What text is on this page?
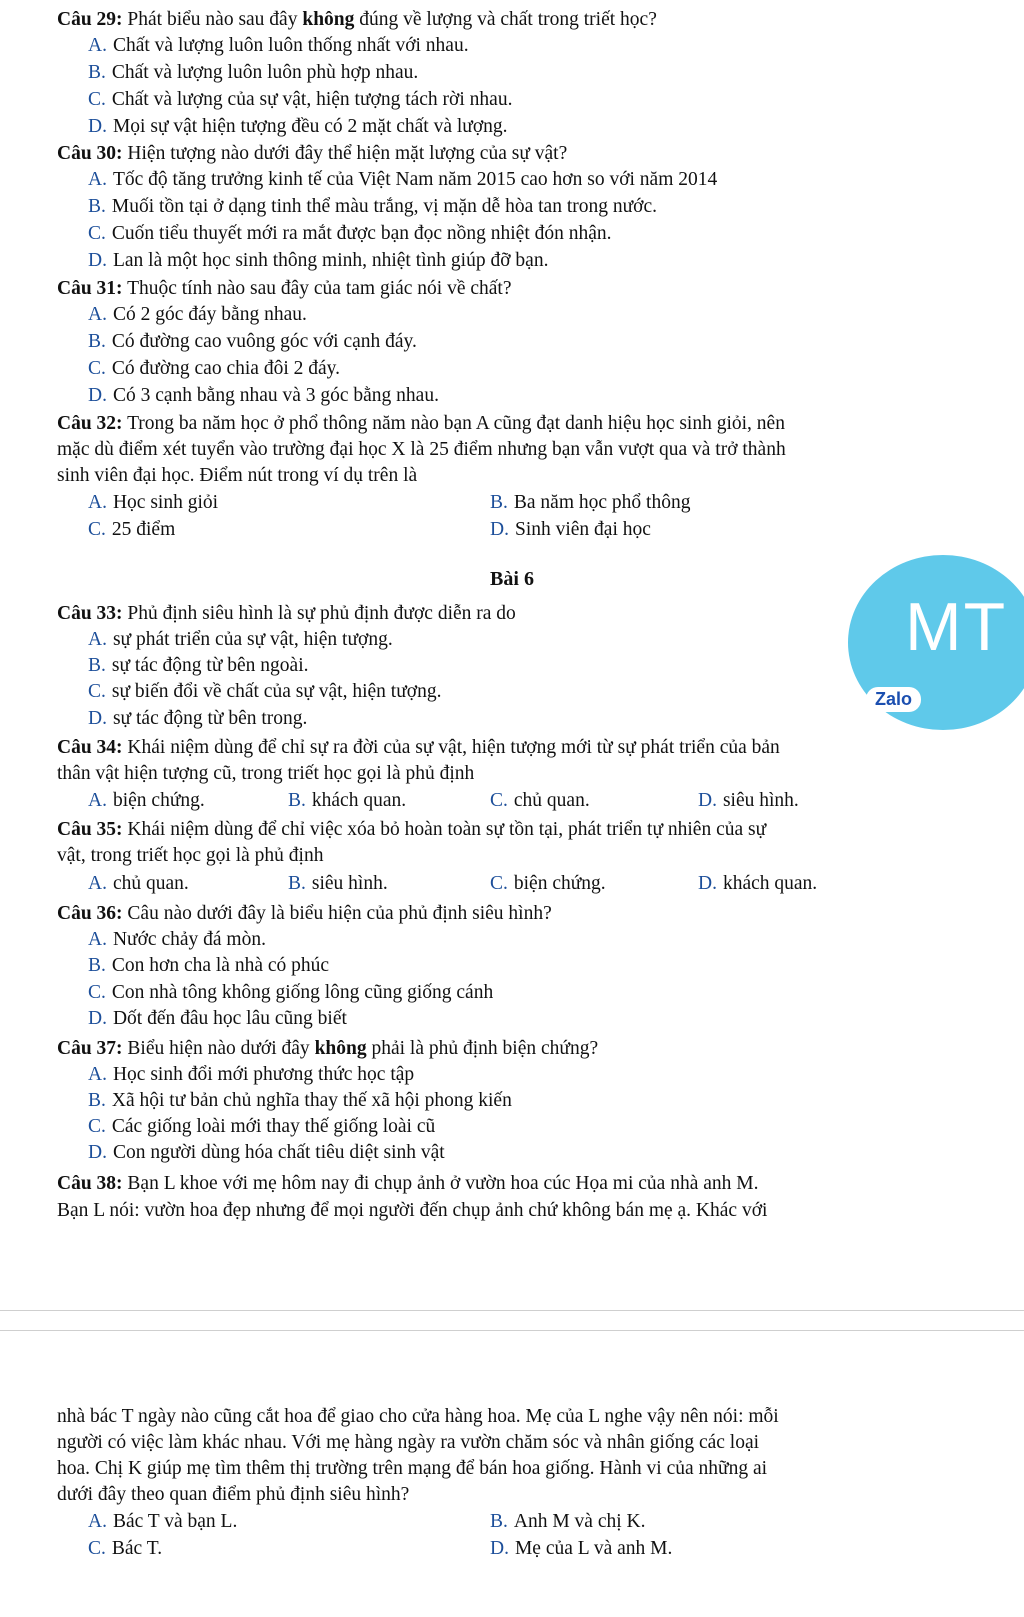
Câu 29: Phát biểu nào sau đây không đúng về lượng và chất trong triết học?
A. Chất và lượng luôn luôn thống nhất với nhau.
B. Chất và lượng luôn luôn phù hợp nhau.
C. Chất và lượng của sự vật, hiện tượng tách rời nhau.
D. Mọi sự vật hiện tượng đều có 2 mặt chất và lượng.
Câu 30: Hiện tượng nào dưới đây thể hiện mặt lượng của sự vật?
A. Tốc độ tăng trưởng kinh tế của Việt Nam năm 2015 cao hơn so với năm 2014
B. Muối tồn tại ở dạng tinh thể màu trắng, vị mặn dễ hòa tan trong nước.
C. Cuốn tiểu thuyết mới ra mắt được bạn đọc nồng nhiệt đón nhận.
D. Lan là một học sinh thông minh, nhiệt tình giúp đỡ bạn.
Câu 31: Thuộc tính nào sau đây của tam giác nói về chất?
A. Có 2 góc đáy bằng nhau.
B. Có đường cao vuông góc với cạnh đáy.
C. Có đường cao chia đôi 2 đáy.
D. Có 3 cạnh bằng nhau và 3 góc bằng nhau.
Câu 32: Trong ba năm học ở phổ thông năm nào bạn A cũng đạt danh hiệu học sinh giỏi, nên
mặc dù điểm xét tuyển vào trường đại học X là 25 điểm nhưng bạn vẫn vượt qua và trở thành
sinh viên đại học. Điểm nút trong ví dụ trên là
A. Học sinh giỏi	B. Ba năm học phổ thông
C. 25 điểm	D. Sinh viên đại học
Bài 6
MT
Zalo
Câu 33: Phủ định siêu hình là sự phủ định được diễn ra do
A. sự phát triển của sự vật, hiện tượng.
B. sự tác động từ bên ngoài.
C. sự biến đổi về chất của sự vật, hiện tượng.
D. sự tác động từ bên trong.
Câu 34: Khái niệm dùng để chỉ sự ra đời của sự vật, hiện tượng mới từ sự phát triển của bản
thân vật hiện tượng cũ, trong triết học gọi là phủ định
A. biện chứng.	B. khách quan.	C. chủ quan.	D. siêu hình.
Câu 35: Khái niệm dùng để chỉ việc xóa bỏ hoàn toàn sự tồn tại, phát triển tự nhiên của sự
vật, trong triết học gọi là phủ định
A. chủ quan.	B. siêu hình.	C. biện chứng.	D. khách quan.
Câu 36: Câu nào dưới đây là biểu hiện của phủ định siêu hình?
A. Nước chảy đá mòn.
B. Con hơn cha là nhà có phúc
C. Con nhà tông không giống lông cũng giống cánh
D. Dốt đến đâu học lâu cũng biết
Câu 37: Biểu hiện nào dưới đây không phải là phủ định biện chứng?
A. Học sinh đổi mới phương thức học tập
B. Xã hội tư bản chủ nghĩa thay thế xã hội phong kiến
C. Các giống loài mới thay thế giống loài cũ
D. Con người dùng hóa chất tiêu diệt sinh vật
Câu 38: Bạn L khoe với mẹ hôm nay đi chụp ảnh ở vườn hoa cúc Họa mi của nhà anh M.
Bạn L nói: vườn hoa đẹp nhưng để mọi người đến chụp ảnh chứ không bán mẹ ạ. Khác với
nhà bác T ngày nào cũng cắt hoa để giao cho cửa hàng hoa. Mẹ của L nghe vậy nên nói: mỗi
người có việc làm khác nhau. Với mẹ hàng ngày ra vườn chăm sóc và nhân giống các loại
hoa. Chị K giúp mẹ tìm thêm thị trường trên mạng để bán hoa giống. Hành vi của những ai
dưới đây theo quan điểm phủ định siêu hình?
A. Bác T và bạn L.	B. Anh M và chị K.
C. Bác T.	D. Mẹ của L và anh M.
